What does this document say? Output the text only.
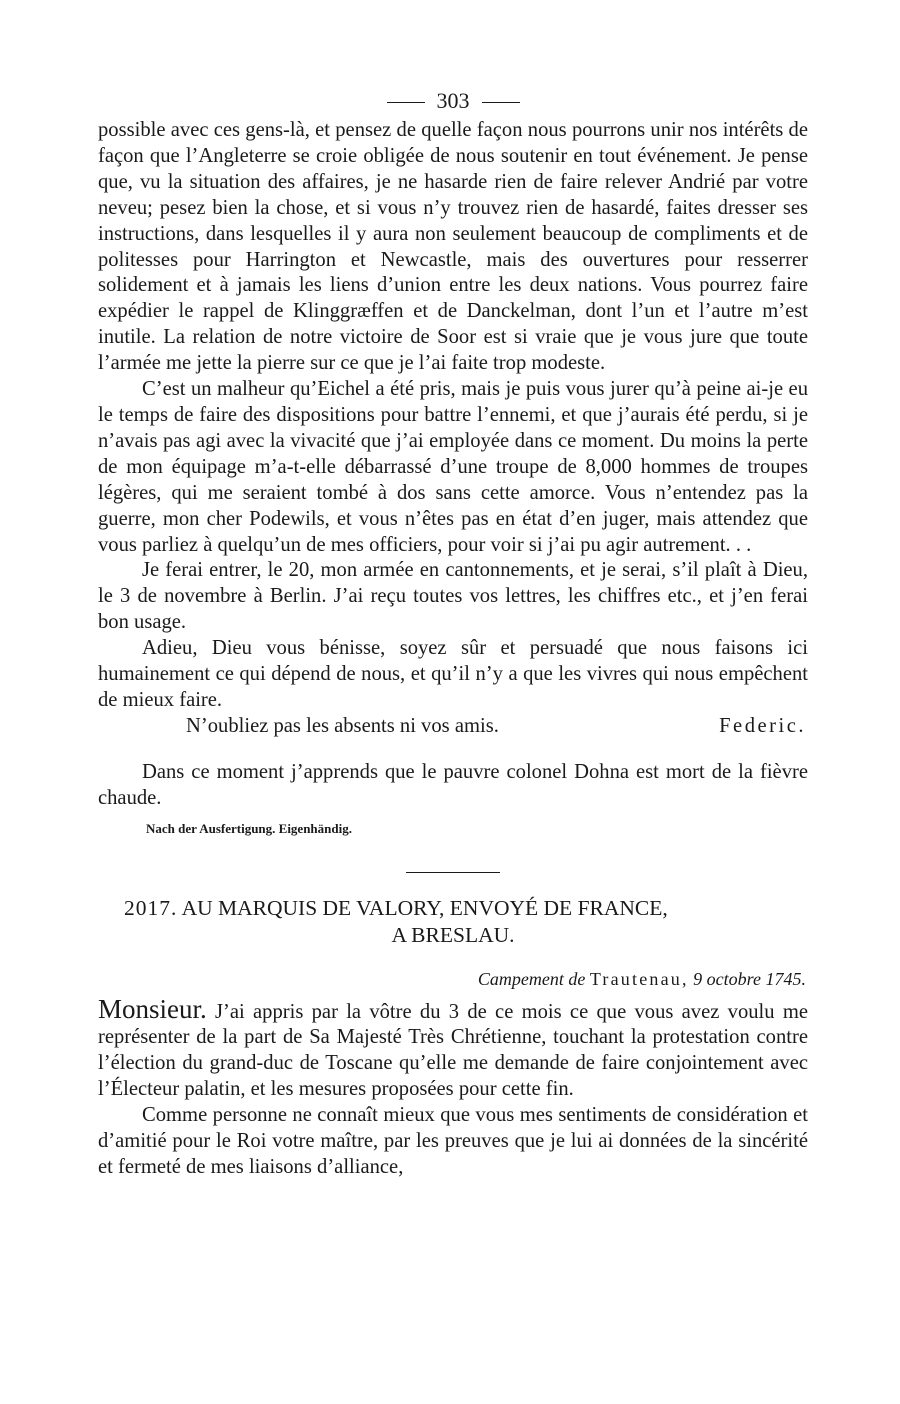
303

possible avec ces gens-là, et pensez de quelle façon nous pourrons unir nos intérêts de façon que l’Angleterre se croie obligée de nous soutenir en tout événement. Je pense que, vu la situation des affaires, je ne hasarde rien de faire relever Andrié par votre neveu; pesez bien la chose, et si vous n’y trouvez rien de hasardé, faites dresser ses instructions, dans lesquelles il y aura non seulement beaucoup de compliments et de politesses pour Harrington et Newcastle, mais des ouvertures pour resserrer solidement et à jamais les liens d’union entre les deux nations. Vous pourrez faire expédier le rappel de Klinggræffen et de Danckelman, dont l’un et l’autre m’est inutile. La relation de notre victoire de Soor est si vraie que je vous jure que toute l’armée me jette la pierre sur ce que je l’ai faite trop modeste.

C’est un malheur qu’Eichel a été pris, mais je puis vous jurer qu’à peine ai-je eu le temps de faire des dispositions pour battre l’ennemi, et que j’aurais été perdu, si je n’avais pas agi avec la vivacité que j’ai employée dans ce moment. Du moins la perte de mon équipage m’a-t-elle débarrassé d’une troupe de 8,000 hommes de troupes légères, qui me seraient tombé à dos sans cette amorce. Vous n’entendez pas la guerre, mon cher Podewils, et vous n’êtes pas en état d’en juger, mais attendez que vous parliez à quelqu’un de mes officiers, pour voir si j’ai pu agir autrement. . .

Je ferai entrer, le 20, mon armée en cantonnements, et je serai, s’il plaît à Dieu, le 3 de novembre à Berlin. J’ai reçu toutes vos lettres, les chiffres etc., et j’en ferai bon usage.

Adieu, Dieu vous bénisse, soyez sûr et persuadé que nous faisons ici humainement ce qui dépend de nous, et qu’il n’y a que les vivres qui nous empêchent de mieux faire.

N’oubliez pas les absents ni vos amis.	Federic.

Dans ce moment j’apprends que le pauvre colonel Dohna est mort de la fièvre chaude.

Nach der Ausfertigung. Eigenhändig.
2017. AU MARQUIS DE VALORY, ENVOYÉ DE FRANCE,
A BRESLAU.
Campement de Trautenau, 9 octobre 1745.

Monsieur. J’ai appris par la vôtre du 3 de ce mois ce que vous avez voulu me représenter de la part de Sa Majesté Très Chrétienne, touchant la protestation contre l’élection du grand-duc de Toscane qu’elle me demande de faire conjointement avec l’Électeur palatin, et les mesures proposées pour cette fin.

Comme personne ne connaît mieux que vous mes sentiments de considération et d’amitié pour le Roi votre maître, par les preuves que je lui ai données de la sincérité et fermeté de mes liaisons d’alliance,
